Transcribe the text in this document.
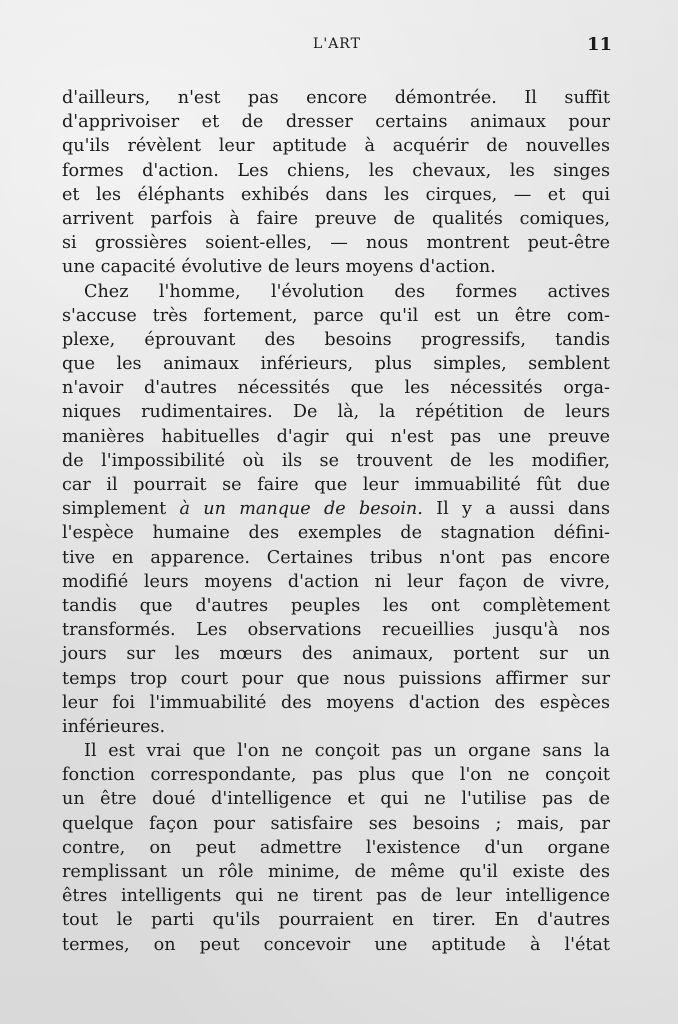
L'ART	11
d'ailleurs, n'est pas encore démontrée. Il suffit
d'apprivoiser et de dresser certains animaux pour
qu'ils révèlent leur aptitude à acquérir de nouvelles
formes d'action. Les chiens, les chevaux, les singes
et les éléphants exhibés dans les cirques, — et qui
arrivent parfois à faire preuve de qualités comiques,
si grossières soient-elles, — nous montrent peut-être
une capacité évolutive de leurs moyens d'action.
Chez l'homme, l'évolution des formes actives
s'accuse très fortement, parce qu'il est un être com-
plexe, éprouvant des besoins progressifs, tandis
que les animaux inférieurs, plus simples, semblent
n'avoir d'autres nécessités que les nécessités orga-
niques rudimentaires. De là, la répétition de leurs
manières habituelles d'agir qui n'est pas une preuve
de l'impossibilité où ils se trouvent de les modifier,
car il pourrait se faire que leur immuabilité fût due
simplement à un manque de besoin. Il y a aussi dans
l'espèce humaine des exemples de stagnation défini-
tive en apparence. Certaines tribus n'ont pas encore
modifié leurs moyens d'action ni leur façon de vivre,
tandis que d'autres peuples les ont complètement
transformés. Les observations recueillies jusqu'à nos
jours sur les mœurs des animaux, portent sur un
temps trop court pour que nous puissions affirmer sur
leur foi l'immuabilité des moyens d'action des espèces
inférieures.
Il est vrai que l'on ne conçoit pas un organe sans la
fonction correspondante, pas plus que l'on ne conçoit
un être doué d'intelligence et qui ne l'utilise pas de
quelque façon pour satisfaire ses besoins ; mais, par
contre, on peut admettre l'existence d'un organe
remplissant un rôle minime, de même qu'il existe des
êtres intelligents qui ne tirent pas de leur intelligence
tout le parti qu'ils pourraient en tirer. En d'autres
termes, on peut concevoir une aptitude à l'état
